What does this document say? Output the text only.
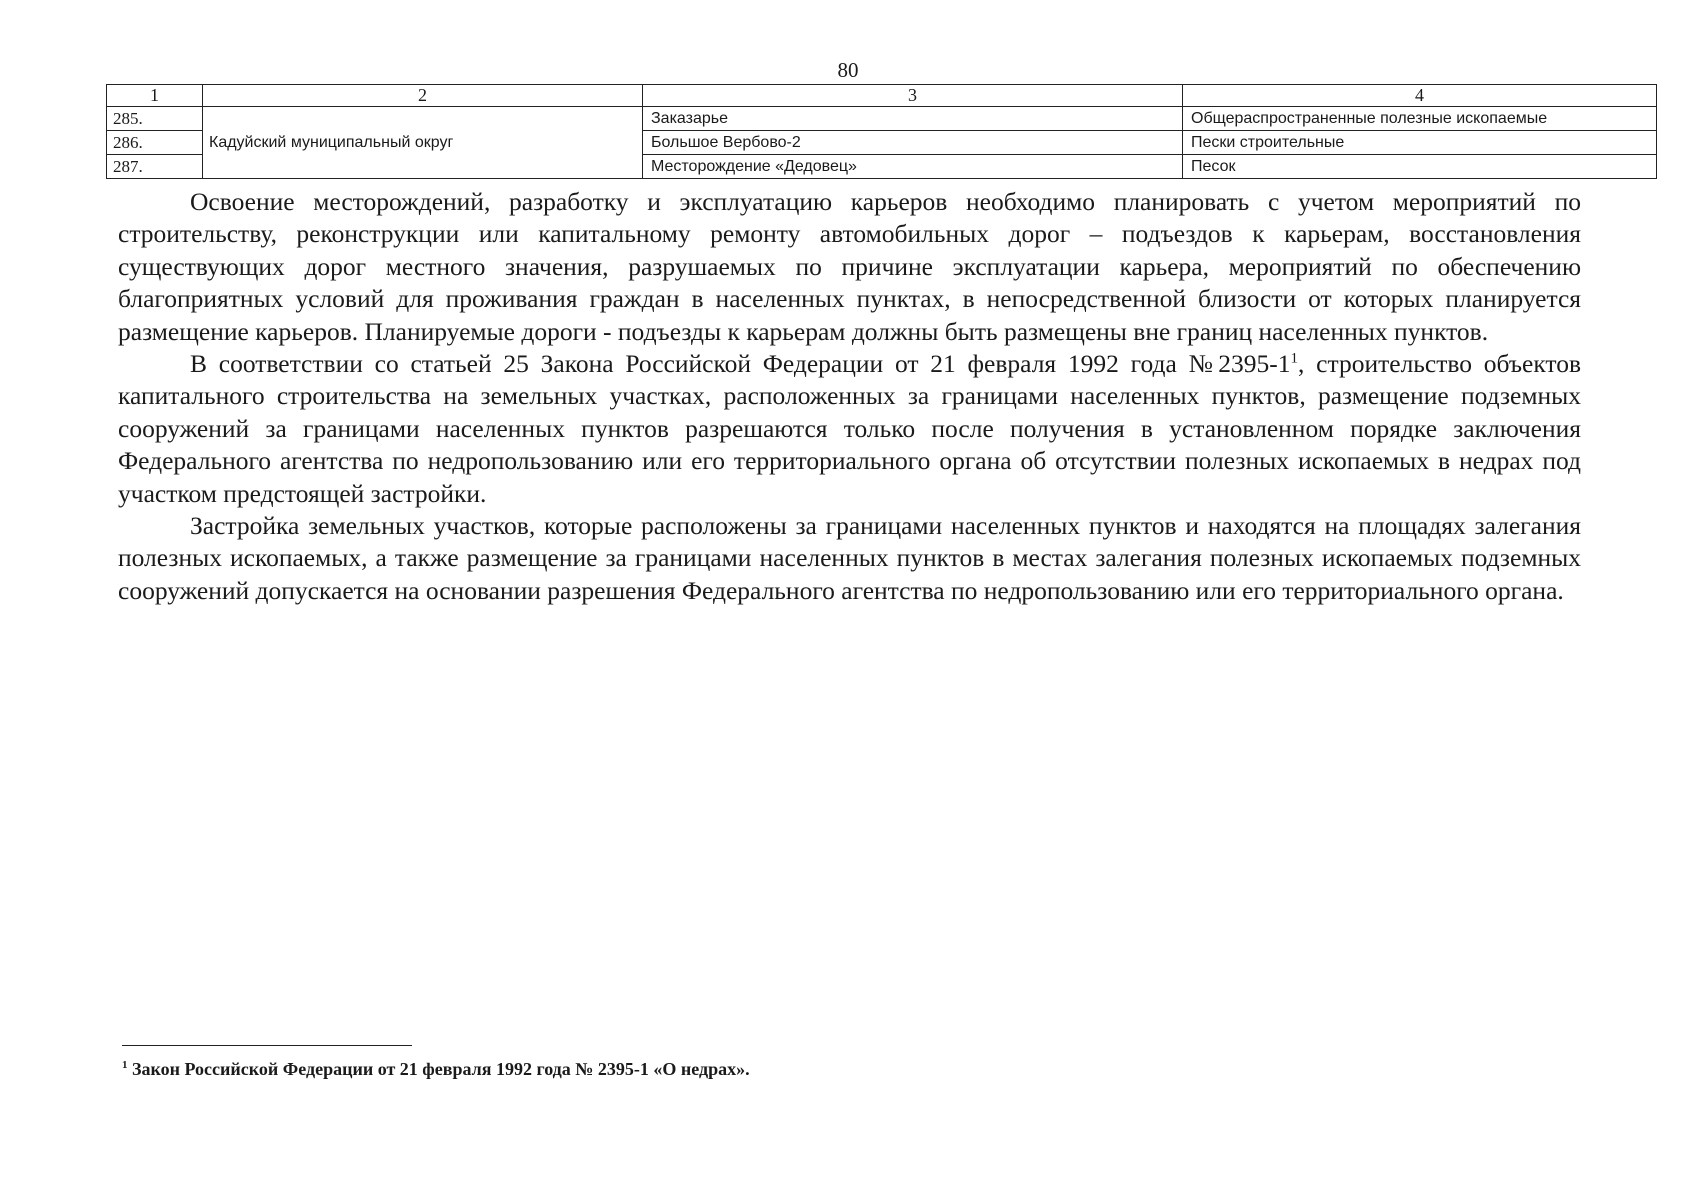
80
1	2	3	4
285.	Кадуйский муниципальный округ	Заказарье	Общераспространенные полезные ископаемые
286.		Большое Вербово-2	Пески строительные
287.		Месторождение «Дедовец»	Песок

Освоение месторождений, разработку и эксплуатацию карьеров необходимо планировать с учетом мероприятий по строительству, реконструкции или капитальному ремонту автомобильных дорог – подъездов к карьерам, восстановления существующих дорог местного значения, разрушаемых по причине эксплуатации карьера, мероприятий по обеспечению благоприятных условий для проживания граждан в населенных пунктах, в непосредственной близости от которых планируется размещение карьеров. Планируемые дороги - подъезды к карьерам должны быть размещены вне границ населенных пунктов.

В соответствии со статьей 25 Закона Российской Федерации от 21 февраля 1992 года $№2395-1^1$, строительство объектов капитального строительства на земельных участках, расположенных за границами населенных пунктов, размещение подземных сооружений за границами населенных пунктов разрешаются только после получения в установленном порядке заключения Федерального агентства по недропользованию или его территориального органа об отсутствии полезных ископаемых в недрах под участком предстоящей застройки.

Застройка земельных участков, которые расположены за границами населенных пунктов и находятся на площадях залегания полезных ископаемых, а также размещение за границами населенных пунктов в местах залегания полезных ископаемых подземных сооружений допускается на основании разрешения Федерального агентства по недропользованию или его территориального органа.

$^1$ Закон Российской Федерации от 21 февраля 1992 года № 2395-1 «О недрах».
